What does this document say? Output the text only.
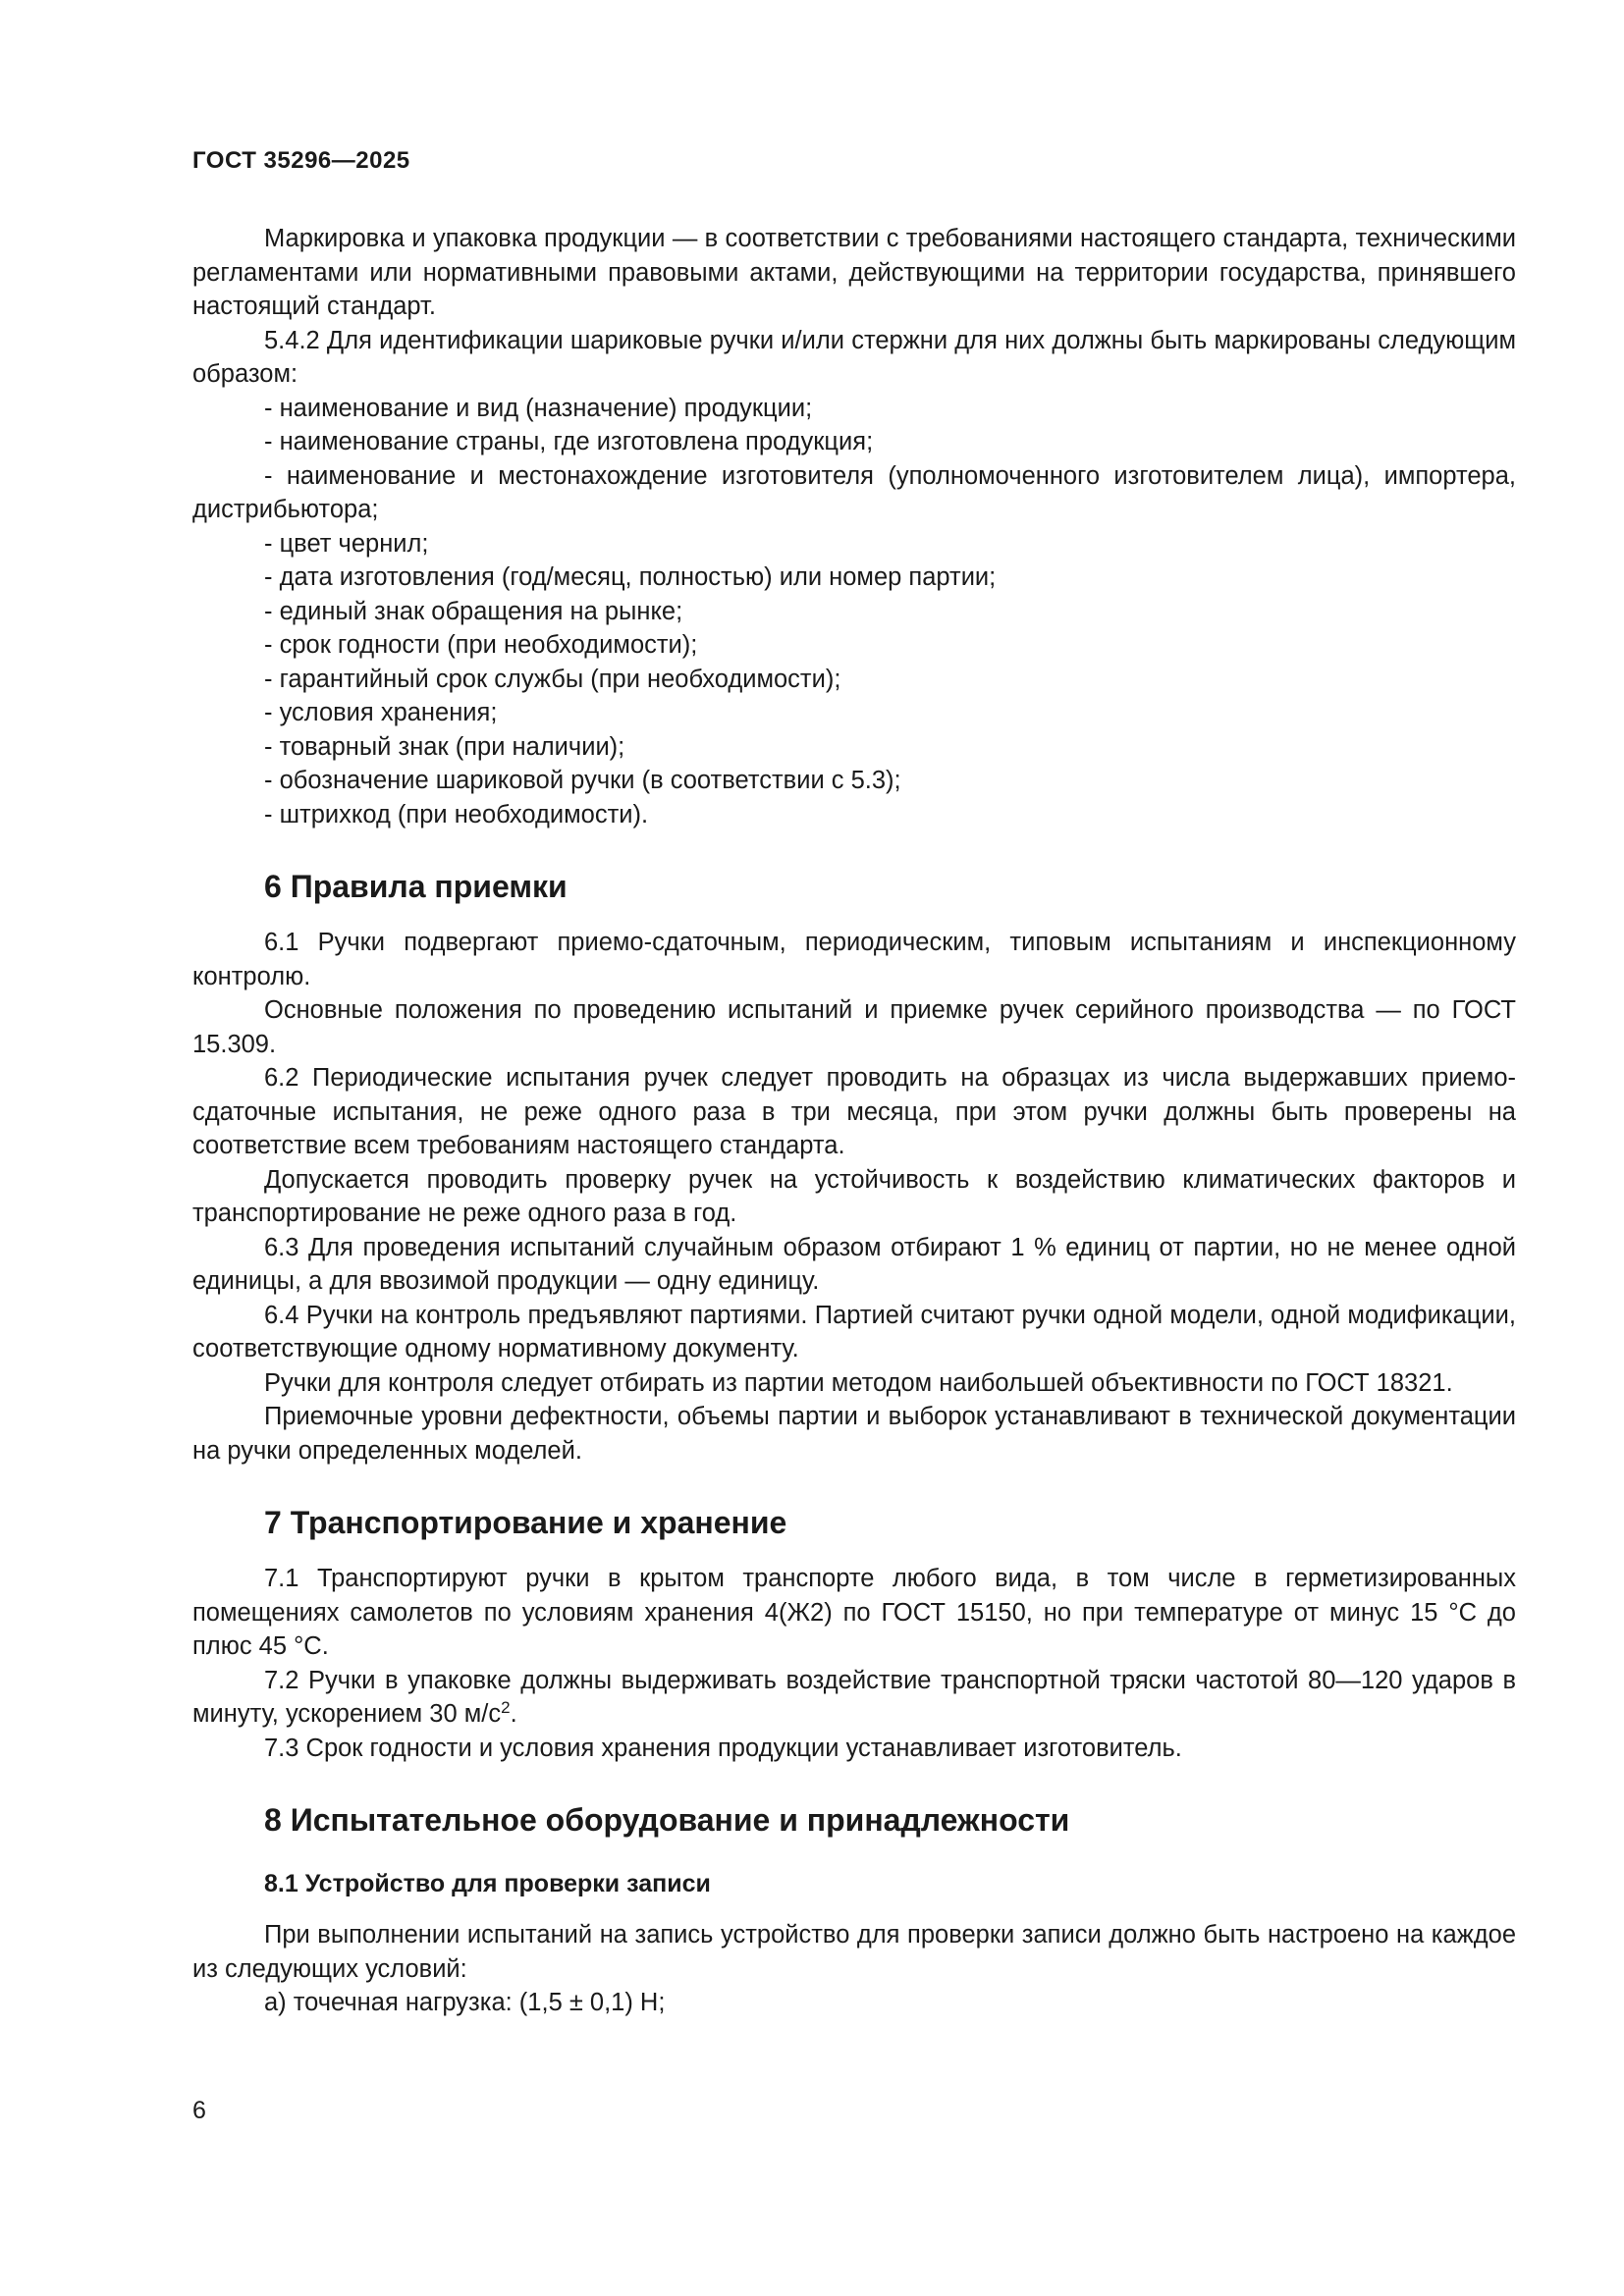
ГОСТ 35296—2025

Маркировка и упаковка продукции — в соответствии с требованиями настоящего стандарта, техническими регламентами или нормативными правовыми актами, действующими на территории государства, принявшего настоящий стандарт.

5.4.2 Для идентификации шариковые ручки и/или стержни для них должны быть маркированы следующим образом:

- наименование и вид (назначение) продукции;

- наименование страны, где изготовлена продукция;

- наименование и местонахождение изготовителя (уполномоченного изготовителем лица), импортера, дистрибьютора;

- цвет чернил;

- дата изготовления (год/месяц, полностью) или номер партии;

- единый знак обращения на рынке;

- срок годности (при необходимости);

- гарантийный срок службы (при необходимости);

- условия хранения;

- товарный знак (при наличии);

- обозначение шариковой ручки (в соответствии с 5.3);

- штрихкод (при необходимости).

6 Правила приемки

6.1 Ручки подвергают приемо-сдаточным, периодическим, типовым испытаниям и инспекционному контролю.

Основные положения по проведению испытаний и приемке ручек серийного производства — по ГОСТ 15.309.

6.2 Периодические испытания ручек следует проводить на образцах из числа выдержавших приемо-сдаточные испытания, не реже одного раза в три месяца, при этом ручки должны быть проверены на соответствие всем требованиям настоящего стандарта.

Допускается проводить проверку ручек на устойчивость к воздействию климатических факторов и транспортирование не реже одного раза в год.

6.3 Для проведения испытаний случайным образом отбирают 1 % единиц от партии, но не менее одной единицы, а для ввозимой продукции — одну единицу.

6.4 Ручки на контроль предъявляют партиями. Партией считают ручки одной модели, одной модификации, соответствующие одному нормативному документу.

Ручки для контроля следует отбирать из партии методом наибольшей объективности по ГОСТ 18321.

Приемочные уровни дефектности, объемы партии и выборок устанавливают в технической документации на ручки определенных моделей.

7 Транспортирование и хранение

7.1 Транспортируют ручки в крытом транспорте любого вида, в том числе в герметизированных помещениях самолетов по условиям хранения 4(Ж2) по ГОСТ 15150, но при температуре от минус 15 °С до плюс 45 °С.

7.2 Ручки в упаковке должны выдерживать воздействие транспортной тряски частотой 80—120 ударов в минуту, ускорением 30 $м/с^2$.

7.3 Срок годности и условия хранения продукции устанавливает изготовитель.

8 Испытательное оборудование и принадлежности

8.1 Устройство для проверки записи

При выполнении испытаний на запись устройство для проверки записи должно быть настроено на каждое из следующих условий:

а) точечная нагрузка: (1,5 ± 0,1) Н;

6
